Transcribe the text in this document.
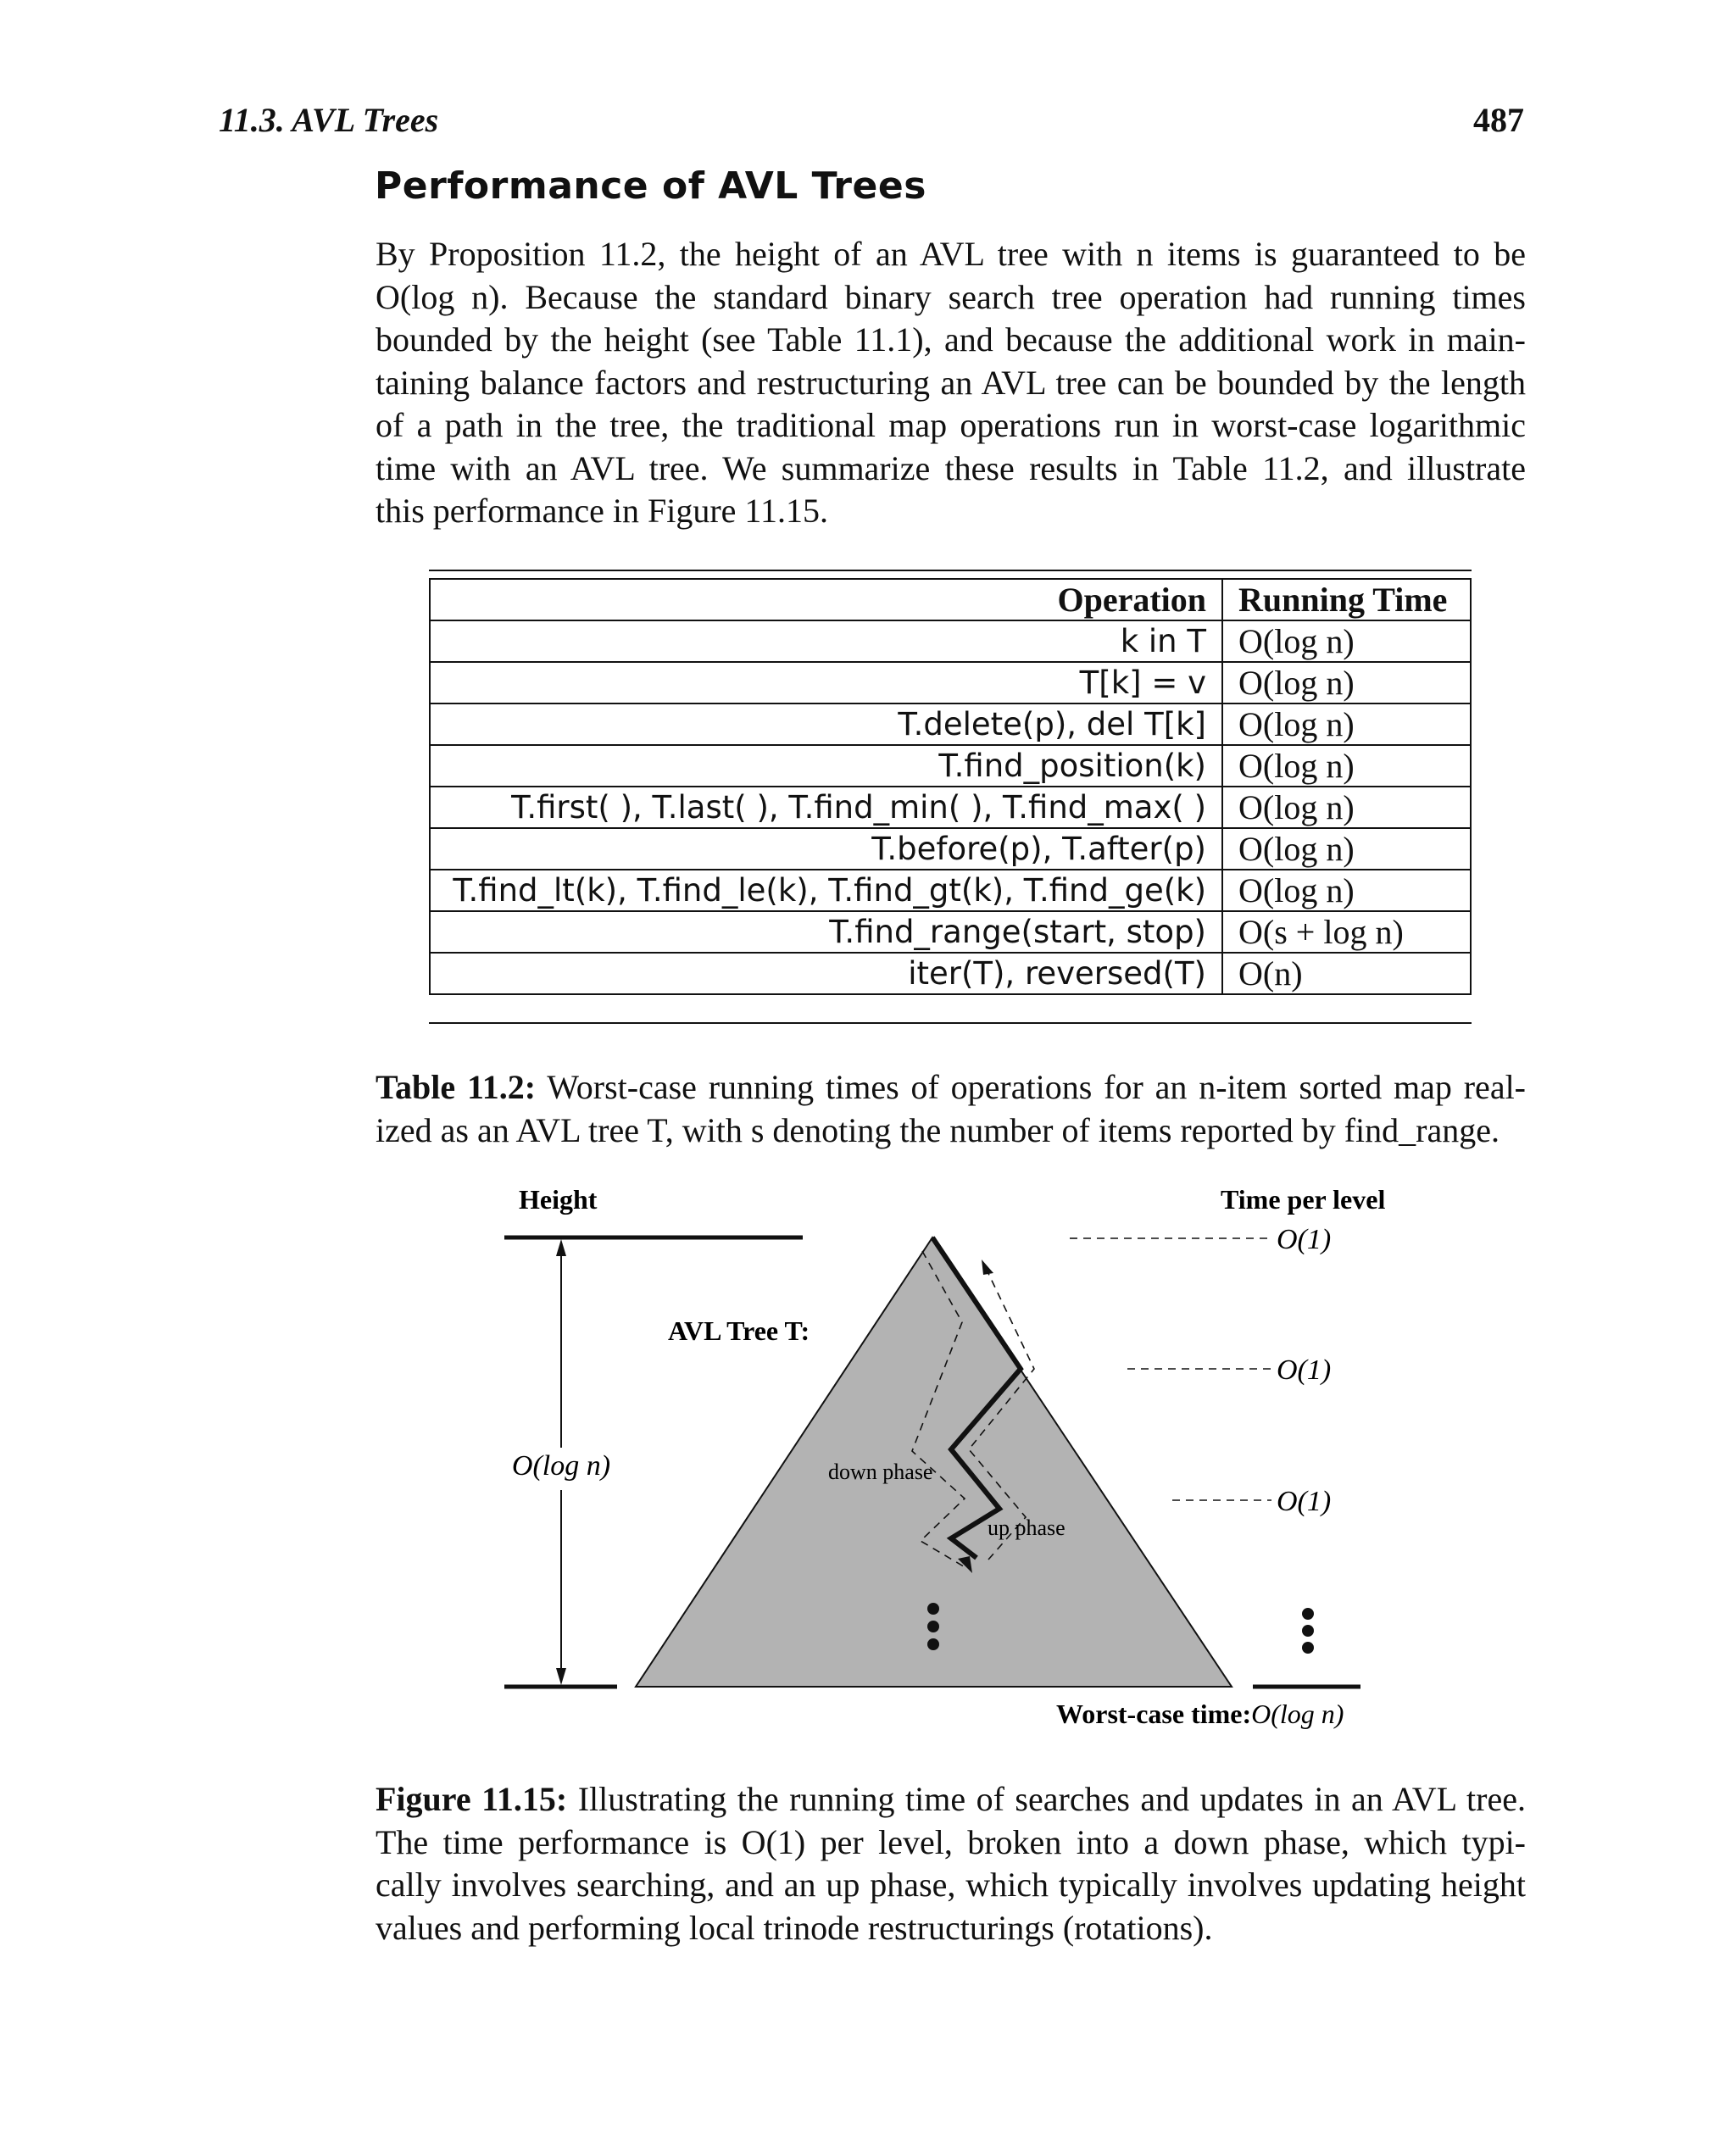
11.3. AVL Trees	487
Performance of AVL Trees
By Proposition 11.2, the height of an AVL tree with n items is guaranteed to be
O(log n). Because the standard binary search tree operation had running times
bounded by the height (see Table 11.1), and because the additional work in main-
taining balance factors and restructuring an AVL tree can be bounded by the length
of a path in the tree, the traditional map operations run in worst-case logarithmic
time with an AVL tree. We summarize these results in Table 11.2, and illustrate
this performance in Figure 11.15.
Operation	Running Time
k in T	O(log n)
T[k] = v	O(log n)
T.delete(p), del T[k]	O(log n)
T.find_position(k)	O(log n)
T.first( ), T.last( ), T.find_min( ), T.find_max( )	O(log n)
T.before(p), T.after(p)	O(log n)
T.find_lt(k), T.find_le(k), T.find_gt(k), T.find_ge(k)	O(log n)
T.find_range(start, stop)	O(s + log n)
iter(T), reversed(T)	O(n)
Table 11.2: Worst-case running times of operations for an n-item sorted map real-
ized as an AVL tree T, with s denoting the number of items reported by find_range.
O(log n)
Height
AVL Tree T:
down phase
up phase
Time per level
O(1)
O(1)
O(1)
Worst-case time:O(log n)
Figure 11.15: Illustrating the running time of searches and updates in an AVL tree.
The time performance is O(1) per level, broken into a down phase, which typi-
cally involves searching, and an up phase, which typically involves updating height
values and performing local trinode restructurings (rotations).
